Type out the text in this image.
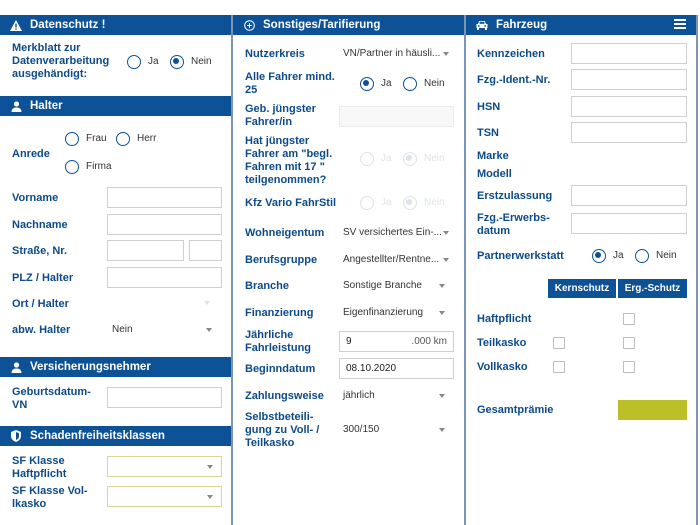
Datenschutz !
Merkblatt zur
Datenverarbeitung
ausgehändigt:
Ja	Nein
Halter
Anrede
Frau	Herr
Firma
Vorname
Nachname
Straße, Nr.
PLZ / Halter
Ort / Halter
abw. Halter	Nein
Versicherungsnehmer
Geburtsdatum-
VN
Schadenfreiheitsklassen
SF Klasse
Haftpflicht
SF Klasse Vol-
lkasko
Sonstiges/Tarifierung
Nutzerkreis	VN/Partner in häusli...
Alle Fahrer mind.
25
Ja	Nein
Geb. jüngster
Fahrer/in
Hat jüngster
Fahrer am "begl.
Fahren mit 17 "
teilgenommen?
Ja	Nein
Kfz Vario FahrStil	Ja	Nein
Wohneigentum SV versichertes Ein-...
Berufsgruppe	Angestellter/Rentne...
Branche	Sonstige Branche
Finanzierung	Eigenfinanzierung
Jährliche
Fahrleistung
9	.000 km
Beginndatum	08.10.2020
Zahlungsweise jährlich
Selbstbeteili-
gung zu Voll- /
Teilkasko
300/150
Fahrzeug
Kennzeichen
Fzg.-Ident.-Nr.
HSN
TSN
Marke
Modell
Erstzulassung
Fzg.-Erwerbs-
datum
Partnerwerkstatt	Ja	Nein
Kernschutz	Erg.-Schutz
Haftpflicht
Teilkasko
Vollkasko
Gesamtprämie
